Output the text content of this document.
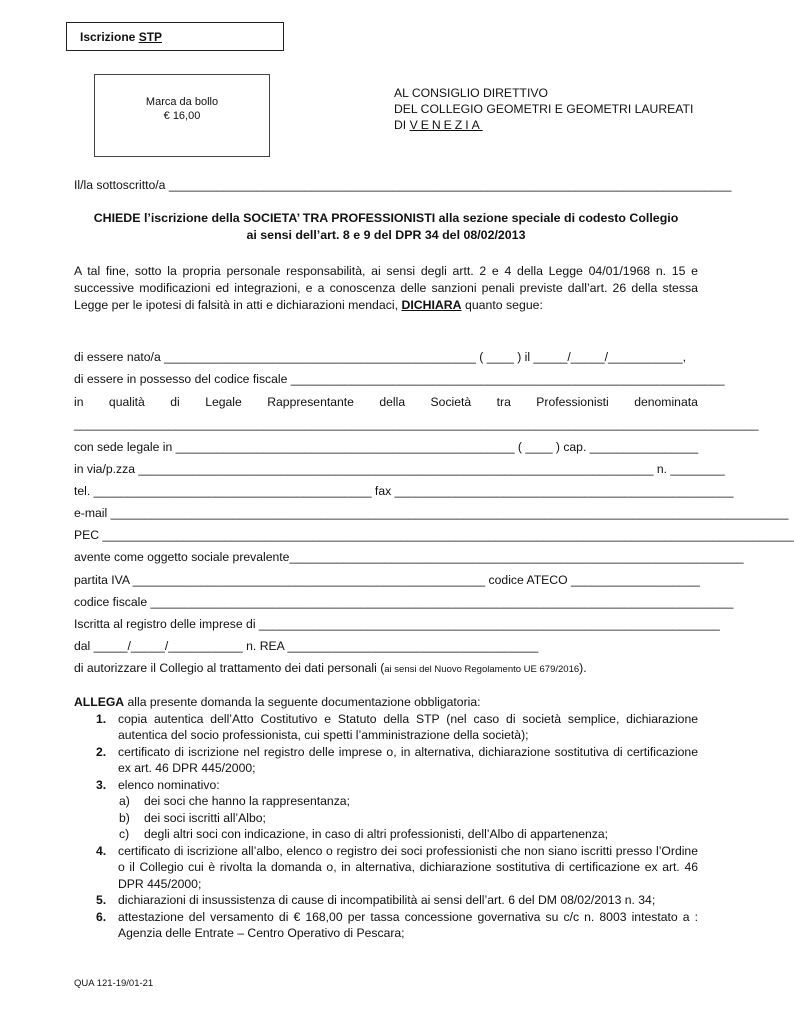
Iscrizione STP
Marca da bollo
€ 16,00
AL CONSIGLIO DIRETTIVO
DEL COLLEGIO GEOMETRI E GEOMETRI LAUREATI
DI VENEZIA
Il/la sottoscritto/a ___________________________________________________________________________________
CHIEDE l’iscrizione della SOCIETA’ TRA PROFESSIONISTI alla sezione speciale di codesto Collegio
ai sensi dell’art. 8 e 9 del DPR 34 del 08/02/2013
A tal fine, sotto la propria personale responsabilità, ai sensi degli artt. 2 e 4 della Legge 04/01/1968 n. 15 e successive modificazioni ed integrazioni, e a conoscenza delle sanzioni penali previste dall’art. 26 della stessa Legge per le ipotesi di falsità in atti e dichiarazioni mendaci, DICHIARA quanto segue:
di essere nato/a ______________________________________________ ( ____ ) il _____/_____/___________,
di essere in possesso del codice fiscale ________________________________________________________________
in qualità di Legale Rappresentante della Società tra Professionisti denominata
_____________________________________________________________________________________________________
con sede legale in __________________________________________________ ( ____ ) cap. ________________
in via/p.zza ____________________________________________________________________________ n. ________
tel. _________________________________________ fax __________________________________________________
e-mail ____________________________________________________________________________________________________
PEC ______________________________________________________________________________________________________
avente come oggetto sociale prevalente___________________________________________________________________
partita IVA ____________________________________________________ codice ATECO ___________________
codice fiscale ______________________________________________________________________________________
Iscritta al registro delle imprese di ____________________________________________________________________
dal _____/_____/___________ n. REA _____________________________________
di autorizzare il Collegio al trattamento dei dati personali (ai sensi del Nuovo Regolamento UE 679/2016).
ALLEGA alla presente domanda la seguente documentazione obbligatoria:
1. copia autentica dell’Atto Costitutivo e Statuto della STP (nel caso di società semplice, dichiarazione autentica del socio professionista, cui spetti l’amministrazione della società);
2. certificato di iscrizione nel registro delle imprese o, in alternativa, dichiarazione sostitutiva di certificazione ex art. 46 DPR 445/2000;
3. elenco nominativo:
a) dei soci che hanno la rappresentanza;
b) dei soci iscritti all’Albo;
c) degli altri soci con indicazione, in caso di altri professionisti, dell’Albo di appartenenza;
4. certificato di iscrizione all’albo, elenco o registro dei soci professionisti che non siano iscritti presso l’Ordine o il Collegio cui è rivolta la domanda o, in alternativa, dichiarazione sostitutiva di certificazione ex art. 46 DPR 445/2000;
5. dichiarazioni di insussistenza di cause di incompatibilità ai sensi dell’art. 6 del DM 08/02/2013 n. 34;
6. attestazione del versamento di € 168,00 per tassa concessione governativa su c/c n. 8003 intestato a : Agenzia delle Entrate – Centro Operativo di Pescara;
QUA 121-19/01-21
